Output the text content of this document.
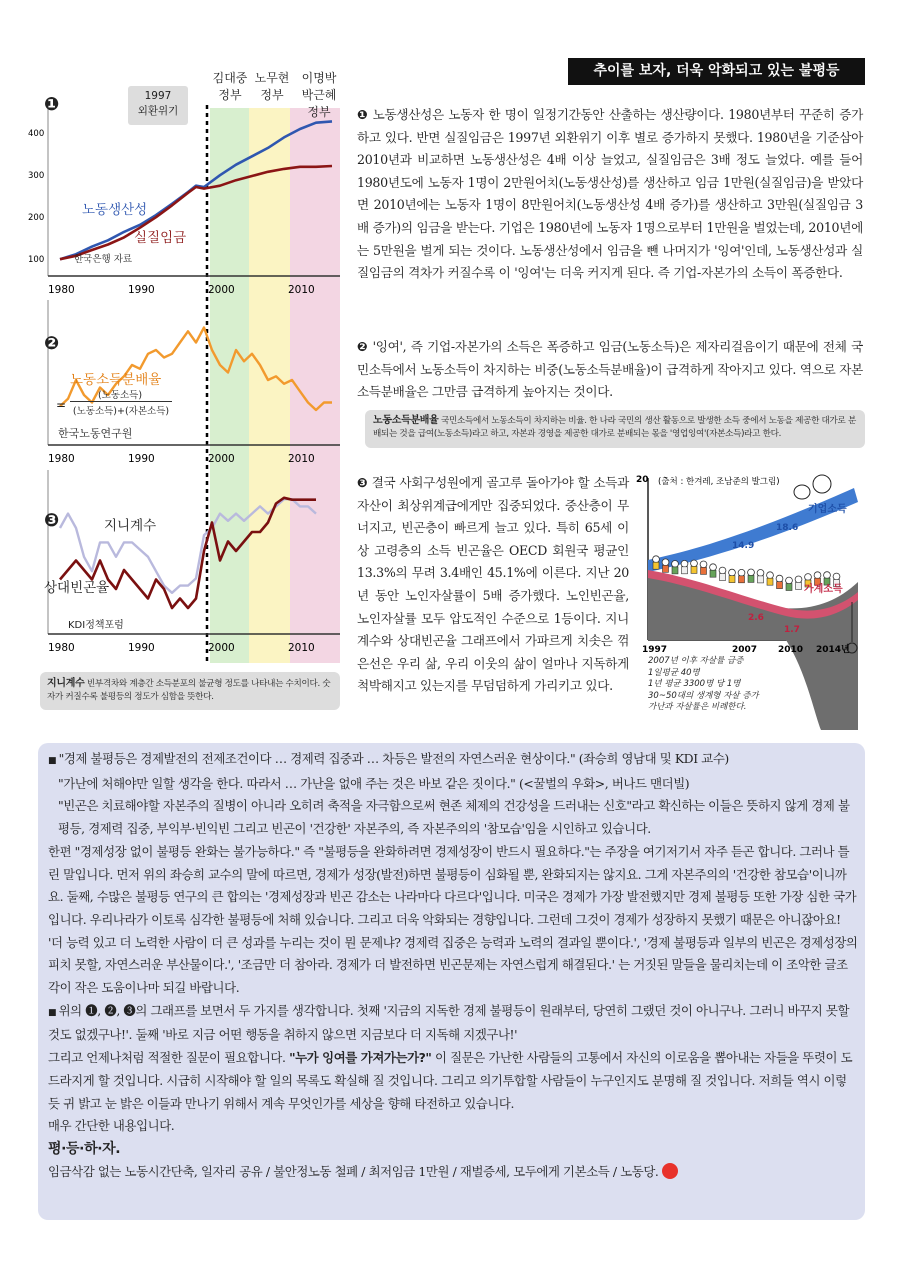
400
300
200
100
1980	1990	2000	2010
1980	1990	2000	2010
1980	1990	2000	2010
1997
외환위기
김대중
정부
노무현
정부
이명박
박근혜
정부
❶
노동생산성
실질임금
한국은행 자료
❷
노동소득분배율
=
(노동소득)
(노동소득)+(자본소득)
한국노동연구원
❸	지니계수
상대빈곤율
KDI정책포럼
지니계수 빈부격차와 계층간 소득분포의 불균형 정도를 나타내는 수치이다. 숫자가 커질수록 불평등의 정도가 심함을 뜻한다.
추이를 보자, 더욱 악화되고 있는 불평등
❶ 노동생산성은 노동자 한 명이 일정기간동안 산출하는 생산량이다. 1980년부터 꾸준히 증가하고 있다. 반면 실질임금은 1997년 외환위기 이후 별로 증가하지 못했다. 1980년을 기준삼아 2010년과 비교하면 노동생산성은 4배 이상 늘었고, 실질임금은 3배 정도 늘었다. 예를 들어 1980년도에 노동자 1명이 2만원어치(노동생산성)를 생산하고 임금 1만원(실질임금)을 받았다면 2010년에는 노동자 1명이 8만원어치(노동생산성 4배 증가)를 생산하고 3만원(실질임금 3배 증가)의 임금을 받는다. 기업은 1980년에 노동자 1명으로부터 1만원을 벌었는데, 2010년에는 5만원을 벌게 되는 것이다. 노동생산성에서 임금을 뺀 나머지가 '잉여'인데, 노동생산성과 실질임금의 격차가 커질수록 이 '잉여'는 더욱 커지게 된다. 즉 기업-자본가의 소득이 폭증한다.
❷ '잉여', 즉 기업-자본가의 소득은 폭증하고 임금(노동소득)은 제자리걸음이기 때문에 전체 국민소득에서 노동소득이 차지하는 비중(노동소득분배율)이 급격하게 작아지고 있다. 역으로 자본소득분배율은 그만큼 급격하게 높아지는 것이다.
노동소득분배율 국민소득에서 노동소득이 차지하는 비율. 한 나라 국민의 생산 활동으로 발생한 소득 중에서 노동을 제공한 대가로 분배되는 것을 급여(노동소득)라고 하고, 자본과 경영을 제공한 대가로 분배되는 몫을 '영업잉여'(자본소득)라고 한다.
❸ 결국 사회구성원에게 골고루 돌아가야 할 소득과 자산이 최상위계급에게만 집중되었다. 중산층이 무너지고, 빈곤층이 빠르게 늘고 있다. 특히 65세 이상 고령층의 소득 빈곤율은 OECD 회원국 평균인 13.3%의 무려 3.4배인 45.1%에 이른다. 지난 20년 동안 노인자살률이 5배 증가했다. 노인빈곤율, 노인자살률 모두 압도적인 수준으로 1등이다. 지니계수와 상대빈곤율 그래프에서 가파르게 치솟은 꺾은선은 우리 삶, 우리 이웃의 삶이 얼마나 지독하게 척박해지고 있는지를 무덤덤하게 가리키고 있다.
(출처 : 한겨레, 조남준의 발그림)
20
기업소득
18.6
14.9
가계소득
2.6
1.7
1997	2007 2010 2014년
2007년 이후 자살률 급증
1일평균 40명
1년 평균 3300명 당 1명
30~50대의 생계형 자살 증가
가난과 자살률은 비례한다.

■ "경제 불평등은 경제발전의 전제조건이다 … 경제력 집중과 … 차등은 발전의 자연스러운 현상이다." (좌승희 영남대 및 KDI 교수)

"가난에 처해야만 일할 생각을 한다. 따라서 … 가난을 없애 주는 것은 바보 같은 짓이다." (<꿀벌의 우화>, 버나드 맨더빌)

"빈곤은 치료해야할 자본주의 질병이 아니라 오히려 축적을 자극함으로써 현존 체제의 건강성을 드러내는 신호"라고 확신하는 이들은 뜻하지 않게 경제 불평등, 경제력 집중, 부익부·빈익빈 그리고 빈곤이 '건강한' 자본주의, 즉 자본주의의 '참모습'임을 시인하고 있습니다.

한편 "경제성장 없이 불평등 완화는 불가능하다." 즉 "불평등을 완화하려면 경제성장이 반드시 필요하다."는 주장을 여기저기서 자주 듣곤 합니다. 그러나 틀린 말입니다. 먼저 위의 좌승희 교수의 말에 따르면, 경제가 성장(발전)하면 불평등이 심화될 뿐, 완화되지는 않지요. 그게 자본주의의 '건강한 참모습'이니까요. 둘째, 수많은 불평등 연구의 큰 합의는 '경제성장과 빈곤 감소는 나라마다 다르다'입니다. 미국은 경제가 가장 발전했지만 경제 불평등 또한 가장 심한 국가입니다. 우리나라가 이토록 심각한 불평등에 처해 있습니다. 그리고 더욱 악화되는 경향입니다. 그런데 그것이 경제가 성장하지 못했기 때문은 아니잖아요!

'더 능력 있고 더 노력한 사람이 더 큰 성과를 누리는 것이 뭔 문제냐? 경제력 집중은 능력과 노력의 결과일 뿐이다.', '경제 불평등과 일부의 빈곤은 경제성장의 피치 못할, 자연스러운 부산물이다.', '조금만 더 참아라. 경제가 더 발전하면 빈곤문제는 자연스럽게 해결된다.' 는 거짓된 말들을 물리치는데 이 조악한 글조각이 작은 도움이나마 되길 바랍니다.

■ 위의 ❶, ❷, ❸의 그래프를 보면서 두 가지를 생각합니다. 첫째 '지금의 지독한 경제 불평등이 원래부터, 당연히 그랬던 것이 아니구나. 그러니 바꾸지 못할 것도 없겠구나!'. 둘째 '바로 지금 어떤 행동을 취하지 않으면 지금보다 더 지독해 지겠구나!'

그리고 언제나처럼 적절한 질문이 필요합니다. "누가 잉여를 가져가는가?" 이 질문은 가난한 사람들의 고통에서 자신의 이로움을 뽑아내는 자들을 뚜렷이 도드라지게 할 것입니다. 시급히 시작해야 할 일의 목록도 확실해 질 것입니다. 그리고 의기투합할 사람들이 누구인지도 분명해 질 것입니다. 저희들 역시 이렇듯 귀 밝고 눈 밝은 이들과 만나기 위해서 계속 무엇인가를 세상을 향해 타전하고 있습니다.

매우 간단한 내용입니다.

평·등·하·자.

임금삭감 없는 노동시간단축, 일자리 공유 / 불안정노동 철폐 / 최저임금 1만원 / 재벌증세, 모두에게 기본소득 / 노동당.
